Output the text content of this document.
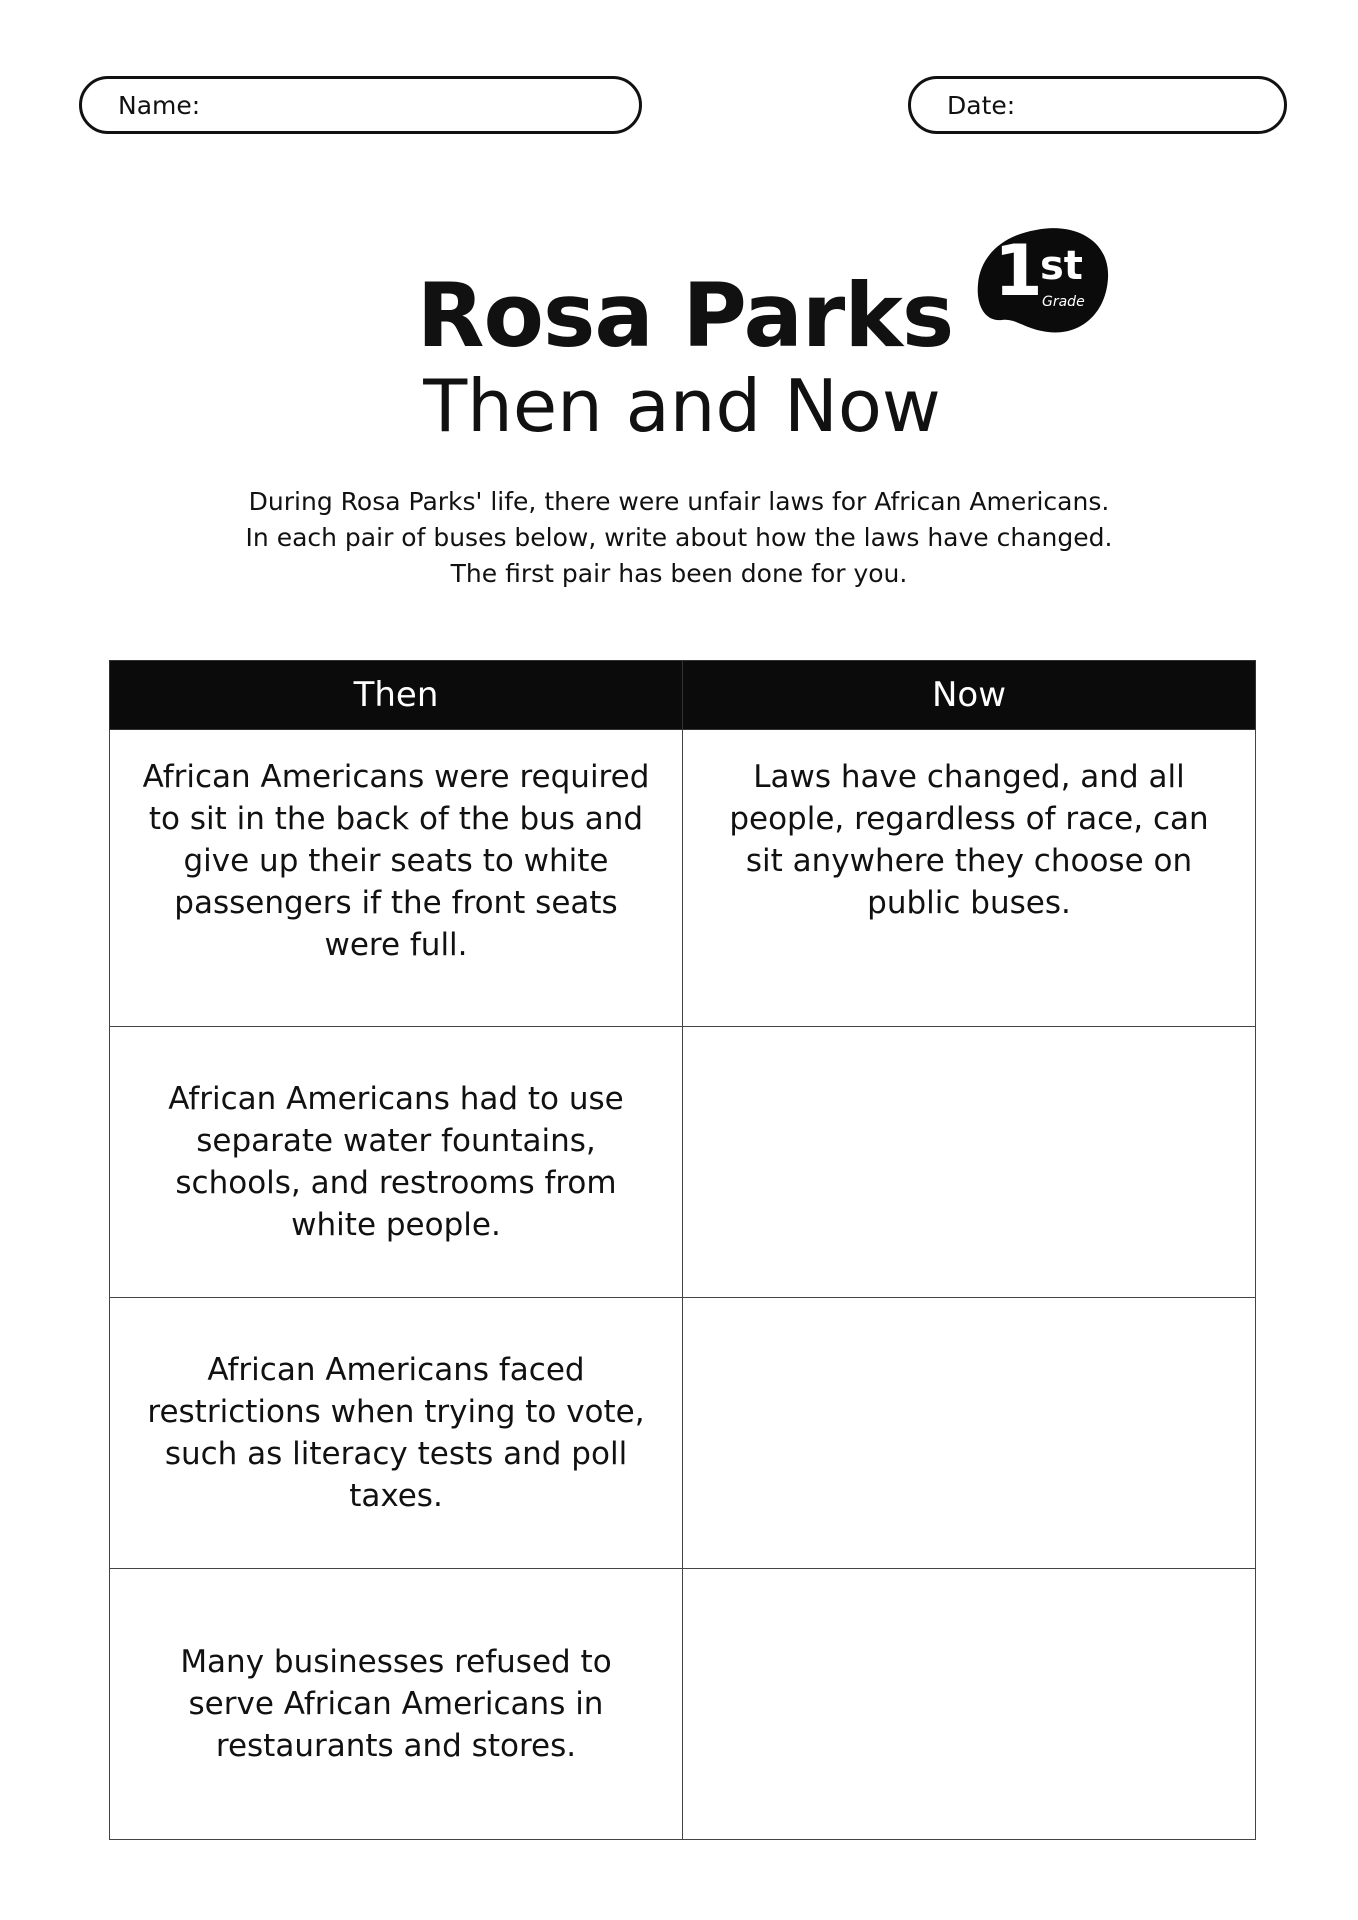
Name:	Date:
Rosa Parks
Then and Now
1
st
Grade
During Rosa Parks' life, there were unfair laws for African Americans.
In each pair of buses below, write about how the laws have changed.
The first pair has been done for you.
Then	Now

African Americans were required to sit in the back of the bus and give up their seats to white passengers if the front seats were full.	Laws have changed, and all people, regardless of race, can sit anywhere they choose on public buses.

African Americans had to use separate water fountains, schools, and restrooms from white people.	

African Americans faced restrictions when trying to vote, such as literacy tests and poll taxes.	

Many businesses refused to serve African Americans in restaurants and stores.	
